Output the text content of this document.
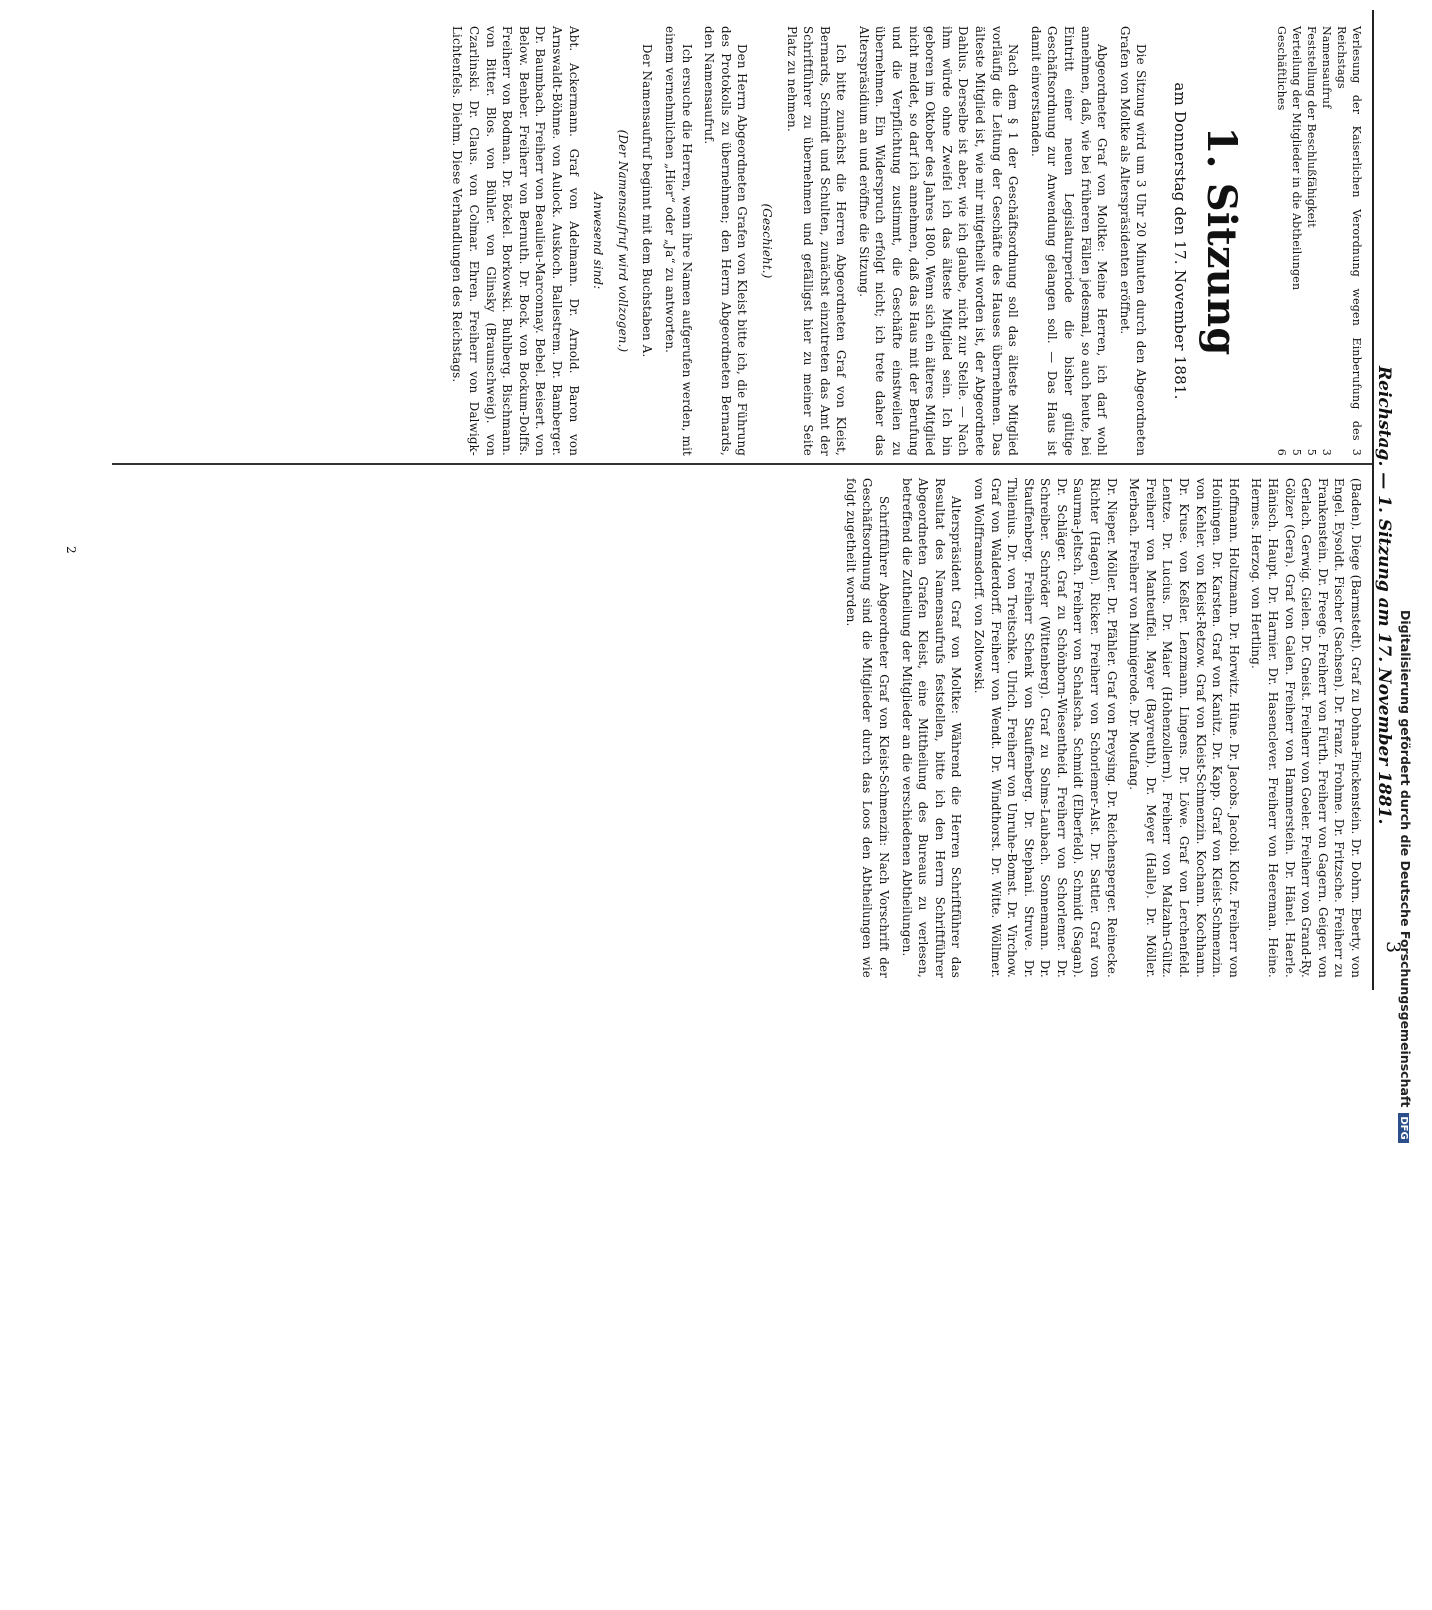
3
Reichstag. — 1. Sitzung am 17. November 1881.
Verlesung der Kaiserlichen Verordnung wegen Einberufung des Reichstags
3
Namensaufruf
3
Feststellung der Beschlußfähigkeit
5
Verteilung der Mitglieder in die Abtheilungen
5
Geschäftliches
6
1. Sitzung
am Donnerstag den 17. November 1881.

Die Sitzung wird um 3 Uhr 20 Minuten durch den Abgeordneten Grafen von Moltke als Alterspräsidenten eröffnet.

Abgeordneter Graf von Moltke: Meine Herren, ich darf wohl annehmen, daß, wie bei früheren Fällen jedesmal, so auch heute, bei Eintritt einer neuen Legislaturperiode die bisher gültige Geschäftsordnung zur Anwendung gelangen soll. — Das Haus ist damit einverstanden.

Nach dem § 1 der Geschäftsordnung soll das älteste Mitglied vorläufig die Leitung der Geschäfte des Hauses übernehmen. Das älteste Mitglied ist, wie mir mitgetheilt worden ist, der Abgeordnete Dahlus. Derselbe ist aber, wie ich glaube, nicht zur Stelle. — Nach ihm würde ohne Zweifel ich das älteste Mitglied sein. Ich bin geboren im Oktober des Jahres 1800. Wenn sich ein älteres Mitglied nicht meldet, so darf ich annehmen, daß das Haus mit der Berufung und die Verpflichtung zustimmt, die Geschäfte einstweilen zu übernehmen. Ein Widerspruch erfolgt nicht; ich trete daher das Alterspräsidium an und eröffne die Sitzung.

Ich bitte zunächst die Herren Abgeordneten Graf von Kleist, Bernards, Schmidt und Schulten, zunächst einzutreten das Amt der Schriftführer zu übernehmen und gefälligst hier zu meiner Seite Platz zu nehmen.

(Geschieht.)

Den Herrn Abgeordneten Grafen von Kleist bitte ich, die Führung des Protokolls zu übernehmen; den Herrn Abgeordneten Bernards, den Namensaufruf.

Ich ersuche die Herren, wenn ihre Namen aufgerufen werden, mit einem vernehmlichen „Hier“ oder „Ja“ zu antworten.

Der Namensaufruf beginnt mit dem Buchstaben A.

(Der Namensaufruf wird vollzogen.)

Anwesend sind:

Abt. Ackermann. Graf von Adelmann. Dr. Arnold. Baron von Arnswaldt-Böhme. von Aulock. Auskoch. Ballestrem. Dr. Bamberger. Dr. Baumbach. Freiherr von Beaulieu-Marconnay. Bebel. Beisert. von Below. Benber. Freiherr von Bernuth. Dr. Bock. von Bockum-Dolffs. Freiherr von Bodman. Dr. Böckel. Borkowski. Buhlberg. Bischmann. von Bitter. Blos. von Bühler. von Glinsky (Braunschweig). von Czarlinski. Dr. Claus. von Colmar. Ehren. Freiherr von Dalwigk-Lichtenfels. Diehm. Diese Verhandlungen des Reichstags.

(Baden). Diege (Barmstedt). Graf zu Dohna-Finckenstein. Dr. Dohrn. Eberty. von Engel. Eysoldt. Fischer (Sachsen). Dr. Franz. Frohme. Dr. Fritzsche. Freiherr zu Frankenstein. Dr. Freege. Freiherr von Fürth. Freiherr von Gagern. Geiger. von Gerlach. Gerwig. Gielen. Dr. Gneist. Freiherr von Goeler. Freiherr von Grand-Ry. Gölzer (Gera). Graf von Galen. Freiherr von Hammerstein. Dr. Hänel. Haerle. Hänisch. Haupt. Dr. Harnier. Dr. Hasenclever. Freiherr von Heereman. Heine. Hermes. Herzog. von Hertling.

Hoffmann. Holtzmann. Dr. Horwitz. Hüne. Dr. Jacobs. Jacobi. Klotz. Freiherr von Hoiningen. Dr. Karsten. Graf von Kanitz. Dr. Kapp. Graf von Kleist-Schmenzin. von Kehler. von Kleist-Retzow. Graf von Kleist-Schmenzin. Kochann. Kochhann. Dr. Kruse. von Keßler. Lenzmann. Lingens. Dr. Löwe. Graf von Lerchenfeld. Lentze. Dr. Lucius. Dr. Maier (Hohenzollern). Freiherr von Malzahn-Gültz. Freiherr von Manteuffel. Mayer (Bayreuth). Dr. Meyer (Halle). Dr. Möller. Merbach. Freiherr von Minnigerode. Dr. Moufang.

Dr. Nieper. Möller. Dr. Pfähler. Graf von Preysing. Dr. Reichensperger. Reinecke. Richter (Hagen). Ricker. Freiherr von Schorlemer-Alst. Dr. Sattler. Graf von Saurma-Jeltsch. Freiherr von Schalscha. Schmidt (Elberfeld). Schmidt (Sagan). Dr. Schläger. Graf zu Schönborn-Wiesentheid. Freiherr von Schorlemer. Dr. Schreiber. Schröder (Wittenberg). Graf zu Solms-Laubach. Sonnemann. Dr. Stauffenberg. Freiherr Schenk von Stauffenberg. Dr. Stephani. Struve. Dr. Thilenius. Dr. von Treitschke. Ulrich. Freiherr von Unruhe-Bomst. Dr. Virchow. Graf von Walderdorff. Freiherr von Wendt. Dr. Windthorst. Dr. Witte. Wöllmer. von Wolfframsdorff. von Zoltowski.

Alterspräsident Graf von Moltke: Während die Herren Schriftführer das Resultat des Namensaufrufs feststellen, bitte ich den Herrn Schriftführer Abgeordneten Grafen Kleist, eine Mittheilung des Bureaus zu verlesen, betreffend die Zutheilung der Mitglieder an die verschiedenen Abtheilungen.

Schriftführer Abgeordneter Graf von Kleist-Schmenzin: Nach Vorschrift der Geschäftsordnung sind die Mitglieder durch das Loos den Abtheilungen wie folgt zugetheilt worden.

2
Digitalisierung gefördert durch die Deutsche ForschungsgemeinschaftDFG
